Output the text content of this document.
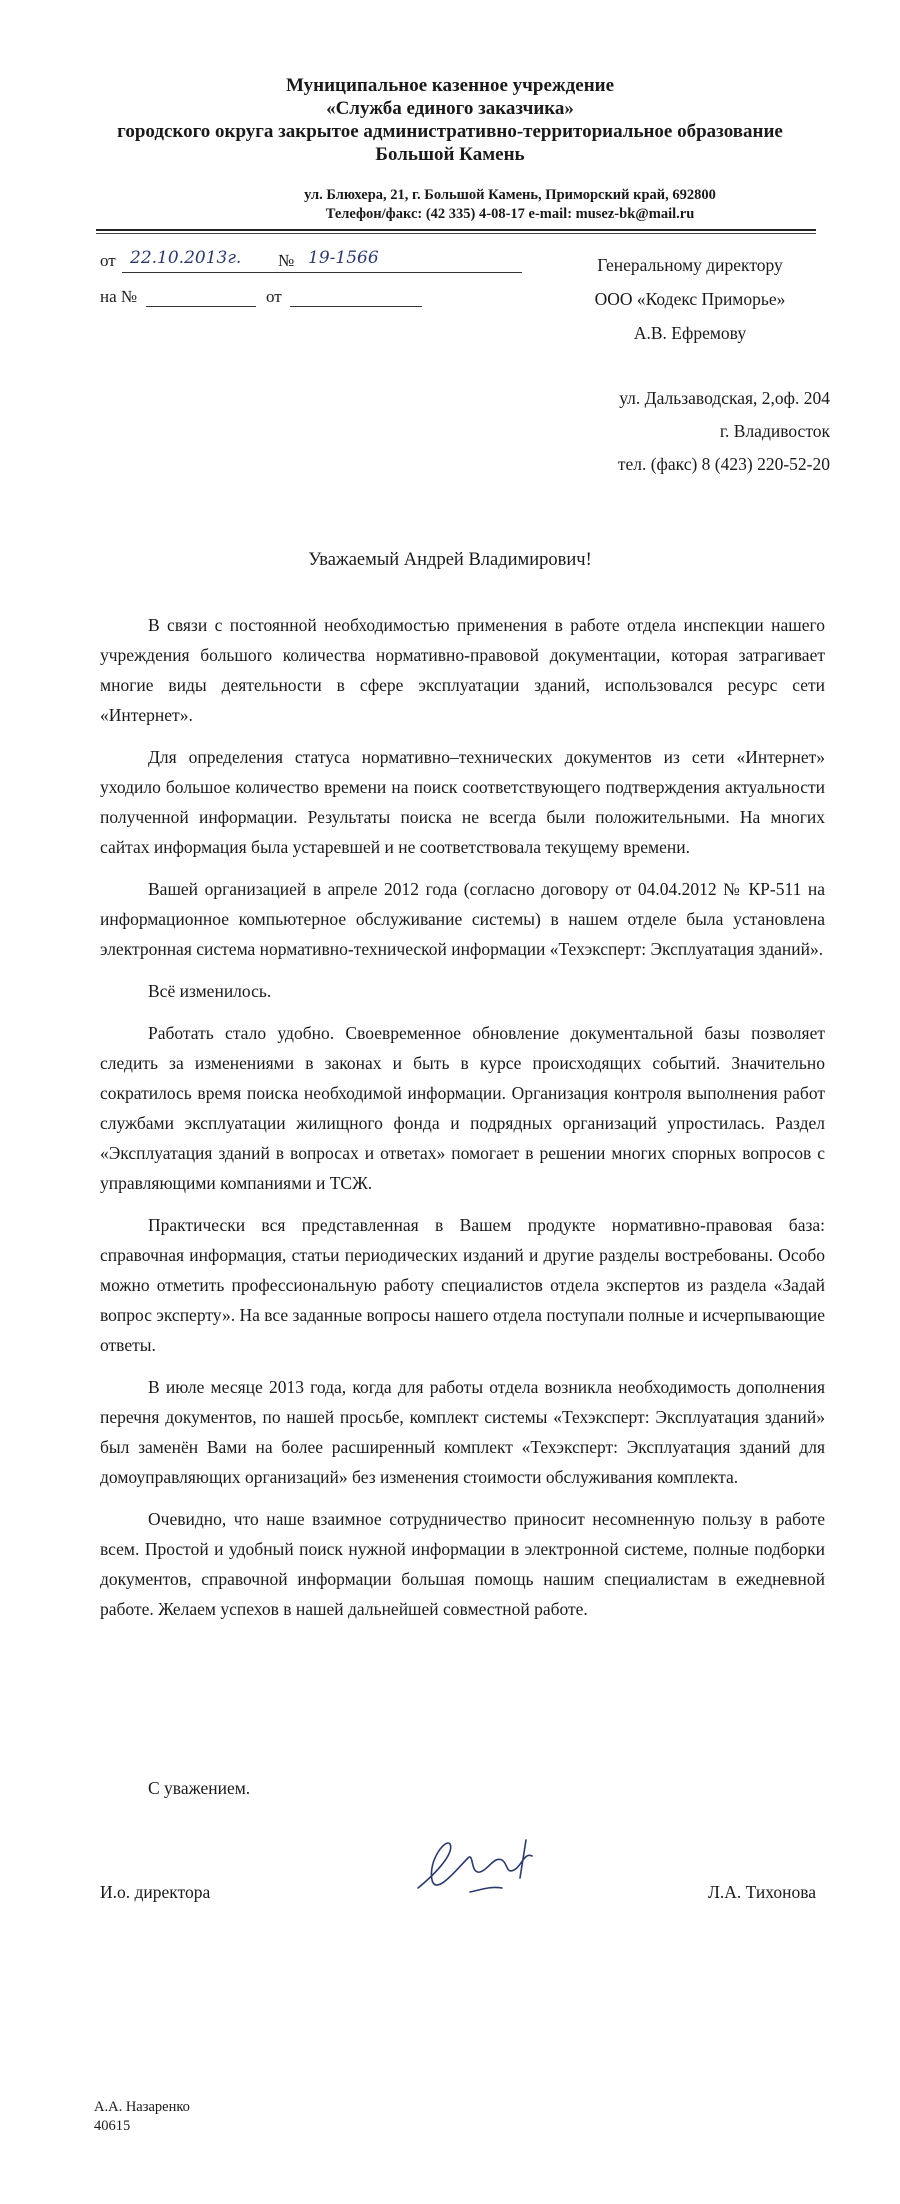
Муниципальное казенное учреждение
«Служба единого заказчика»
городского округа закрытое административно-территориальное образование
Большой Камень
ул. Блюхера, 21, г. Большой Камень, Приморский край, 692800
Телефон/факс: (42 335) 4-08-17 e-mail: musez-bk@mail.ru
от 22.10.2013г. № 19-1566
на №	от
Генеральному директору
ООО «Кодекс Приморье»
А.В. Ефремову
ул. Дальзаводская, 2,оф. 204
г. Владивосток
тел. (факс) 8 (423) 220-52-20
Уважаемый Андрей Владимирович!

В связи с постоянной необходимостью применения в работе отдела инспекции нашего учреждения большого количества нормативно-правовой документации, которая затрагивает многие виды деятельности в сфере эксплуатации зданий, использовался ресурс сети «Интернет».

Для определения статуса нормативно–технических документов из сети «Интернет» уходило большое количество времени на поиск соответствующего подтверждения актуальности полученной информации. Результаты поиска не всегда были положительными. На многих сайтах информация была устаревшей и не соответствовала текущему времени.

Вашей организацией в апреле 2012 года (согласно договору от 04.04.2012 № КР-511 на информационное компьютерное обслуживание системы) в нашем отделе была установлена электронная система нормативно-технической информации «Техэксперт: Эксплуатация зданий».

Всё изменилось.

Работать стало удобно. Своевременное обновление документальной базы позволяет следить за изменениями в законах и быть в курсе происходящих событий. Значительно сократилось время поиска необходимой информации. Организация контроля выполнения работ службами эксплуатации жилищного фонда и подрядных организаций упростилась. Раздел «Эксплуатация зданий в вопросах и ответах» помогает в решении многих спорных вопросов с управляющими компаниями и ТСЖ.

Практически вся представленная в Вашем продукте нормативно-правовая база: справочная информация, статьи периодических изданий и другие разделы востребованы. Особо можно отметить профессиональную работу специалистов отдела экспертов из раздела «Задай вопрос эксперту». На все заданные вопросы нашего отдела поступали полные и исчерпывающие ответы.

В июле месяце 2013 года, когда для работы отдела возникла необходимость дополнения перечня документов, по нашей просьбе, комплект системы «Техэксперт: Эксплуатация зданий» был заменён Вами на более расширенный комплект «Техэксперт: Эксплуатация зданий для домоуправляющих организаций» без изменения стоимости обслуживания комплекта.

Очевидно, что наше взаимное сотрудничество приносит несомненную пользу в работе всем. Простой и удобный поиск нужной информации в электронной системе, полные подборки документов, справочной информации большая помощь нашим специалистам в ежедневной работе. Желаем успехов в нашей дальнейшей совместной работе.

С уважением.
И.о. директора	Л.А. Тихонова
А.А. Назаренко
40615
